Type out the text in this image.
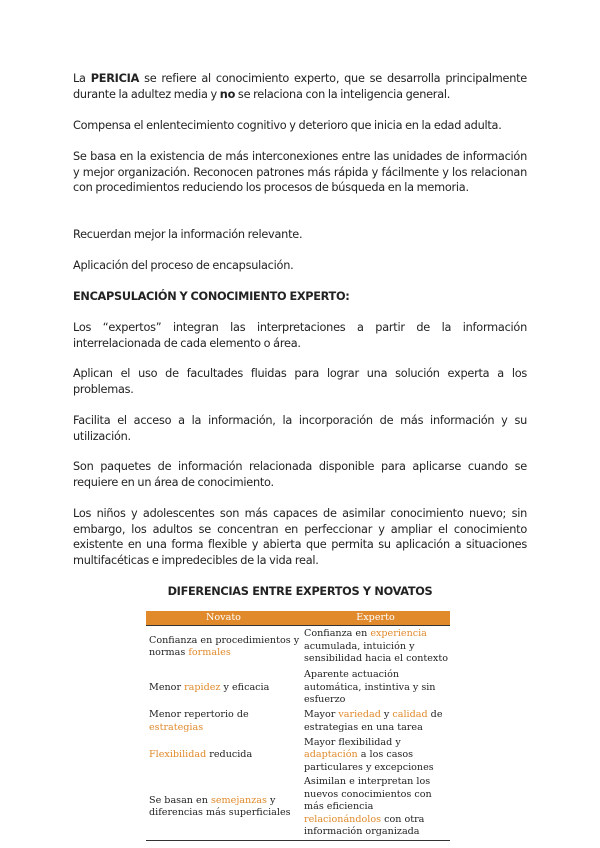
La PERICIA se refiere al conocimiento experto, que se desarrolla principalmente durante la adultez media y no se relaciona con la inteligencia general.

Compensa el enlentecimiento cognitivo y deterioro que inicia en la edad adulta.

Se basa en la existencia de más interconexiones entre las unidades de información y mejor organización. Reconocen patrones más rápida y fácilmente y los relacionan con procedimientos reduciendo los procesos de búsqueda en la memoria.

Recuerdan mejor la información relevante.

Aplicación del proceso de encapsulación.

ENCAPSULACIÓN Y CONOCIMIENTO EXPERTO:

Los “expertos” integran las interpretaciones a partir de la información interrelacionada de cada elemento o área.

Aplican el uso de facultades fluidas para lograr una solución experta a los problemas.

Facilita el acceso a la información, la incorporación de más información y su utilización.

Son paquetes de información relacionada disponible para aplicarse cuando se requiere en un área de conocimiento.

Los niños y adolescentes son más capaces de asimilar conocimiento nuevo; sin embargo, los adultos se concentran en perfeccionar y ampliar el conocimiento existente en una forma flexible y abierta que permita su aplicación a situaciones multifacéticas e impredecibles de la vida real.

DIFERENCIAS ENTRE EXPERTOS Y NOVATOS
Novato	Experto
Confianza en procedimientos y normas formales	Confianza en experiencia acumulada, intuición y sensibilidad hacia el contexto
Menor rapidez y eficacia	Aparente actuación automática, instintiva y sin esfuerzo
Menor repertorio de estrategias	Mayor variedad y calidad de estrategias en una tarea
Flexibilidad reducida	Mayor flexibilidad y adaptación a los casos particulares y excepciones
Se basan en semejanzas y diferencias más superficiales	Asimilan e interpretan los nuevos conocimientos con más eficiencia relacionándolos con otra información organizada
